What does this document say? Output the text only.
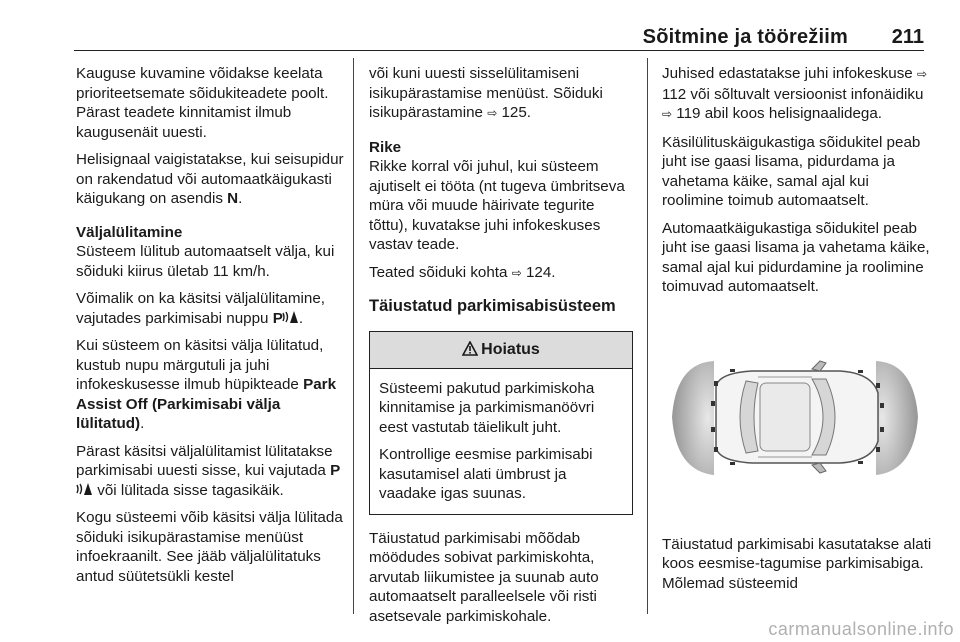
Sõitmine ja töörežiim 211

Kauguse kuvamine võidakse keelata prioriteetsemate sõidukiteadete poolt. Pärast teadete kinnitamist ilmub kaugusenäit uuesti.

Helisignaal vaigistatakse, kui seisupidur on rakendatud või automaatkäigukasti käigukang on asendis N.

Väljalülitamine

Süsteem lülitub automaatselt välja, kui sõiduki kiirus ületab 11 km/h.

Võimalik on ka käsitsi väljalülitamine, vajutades parkimisabi nuppu P .

Kui süsteem on käsitsi välja lülitatud, kustub nupu märgutuli ja juhi infokeskusesse ilmub hüpikteade Park Assist Off (Parkimisabi välja lülitatud).

Pärast käsitsi väljalülitamist lülitatakse parkimisabi uuesti sisse, kui vajutada P või lülitada sisse tagasikäik.

Kogu süsteemi võib käsitsi välja lülitada sõiduki isikupärastamise menüüst infoekraanilt. See jääb väljalülitatuks antud süütetsükli kestel

või kuni uuesti sisselülitamiseni isikupärastamise menüüst. Sõiduki isikupärastamine ⇨ 125.

Rike

Rikke korral või juhul, kui süsteem ajutiselt ei tööta (nt tugeva ümbritseva müra või muude häirivate tegurite tõttu), kuvatakse juhi infokeskuses vastav teade.

Teated sõiduki kohta ⇨ 124.

Täiustatud parkimisabisüsteem
Hoiatus

Süsteemi pakutud parkimiskoha kinnitamise ja parkimismanöövri eest vastutab täielikult juht.

Kontrollige eesmise parkimisabi kasutamisel alati ümbrust ja vaadake igas suunas.

Täiustatud parkimisabi mõõdab möödudes sobivat parkimiskohta, arvutab liikumistee ja suunab auto automaatselt paralleelsele või risti asetsevale parkimiskohale.

Juhised edastatakse juhi infokeskuse ⇨ 112 või sõltuvalt versioonist infonäidiku ⇨ 119 abil koos helisignaalidega.

Käsilülituskäigukastiga sõidukitel peab juht ise gaasi lisama, pidurdama ja vahetama käike, samal ajal kui roolimine toimub automaatselt.

Automaatkäigukastiga sõidukitel peab juht ise gaasi lisama ja vahetama käike, samal ajal kui pidurdamine ja roolimine toimuvad automaatselt.

Täiustatud parkimisabi kasutatakse alati koos eesmise-tagumise parkimisabiga. Mõlemad süsteemid

carmanualsonline.info
